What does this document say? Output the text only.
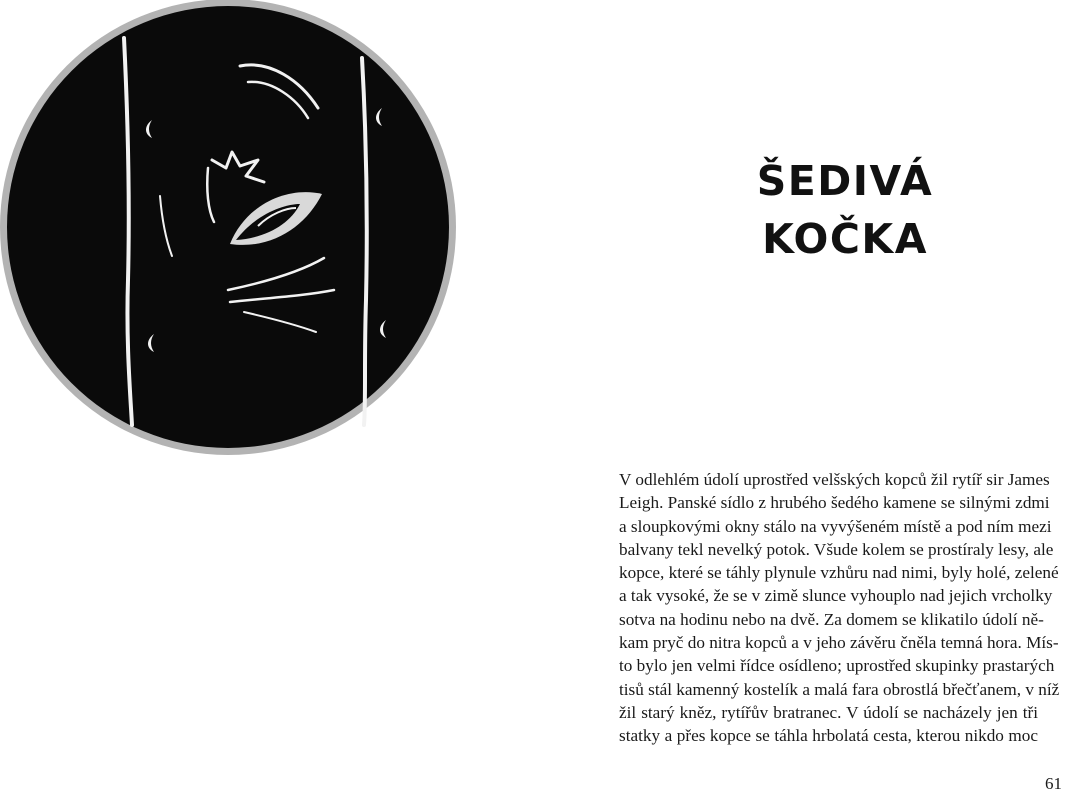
ŠEDIVÁ
KOČKA
V odlehlém údolí uprostřed velšských kopců žil rytíř sir James
Leigh. Panské sídlo z hrubého šedého kamene se silnými zdmi
a sloupkovými okny stálo na vyvýšeném místě a pod ním mezi
balvany tekl nevelký potok. Všude kolem se prostíraly lesy, ale
kopce, které se táhly plynule vzhůru nad nimi, byly holé, zelené
a tak vysoké, že se v zimě slunce vyhouplo nad jejich vrcholky
sotva na hodinu nebo na dvě. Za domem se klikatilo údolí ně-
kam pryč do nitra kopců a v jeho závěru čněla temná hora. Mís-
to bylo jen velmi řídce osídleno; uprostřed skupinky prastarých
tisů stál kamenný kostelík a malá fara obrostlá břečťanem, v níž
žil starý kněz, rytířův bratranec. V údolí se nacházely jen tři
statky a přes kopce se táhla hrbolatá cesta, kterou nikdo moc
61
